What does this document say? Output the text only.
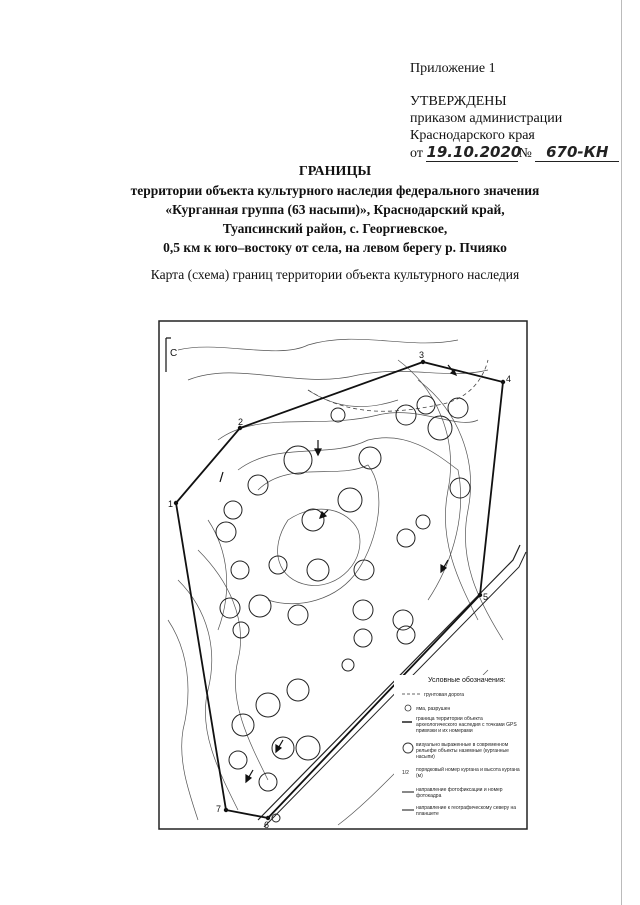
Приложение 1
УТВЕРЖДЕНЫ
приказом администрации
Краснодарского края
от 19.10.2020№ 670-КН
ГРАНИЦЫ
территории объекта культурного наследия федерального значения
«Курганная группа (63 насыпи)», Краснодарский край,
Туапсинский район, с. Георгиевское,
0,5 км к юго–востоку от села, на левом берегу р. Пчияко
Карта (схема) границ территории объекта культурного наследия
1
2
3
4
5
6
7
С
Условные обозначения:
грунтовая дорога
яма, разрушен
граница территории объекта археологического наследия с точками GPS привязки и их номерами
визуально выраженные в современном рельефе объекты наземные (курганные насыпи)
1/2 порядковый номер кургана и высота кургана (м)
направление фотофиксации и номер фотокадра
направление к географическому северу на планшете
